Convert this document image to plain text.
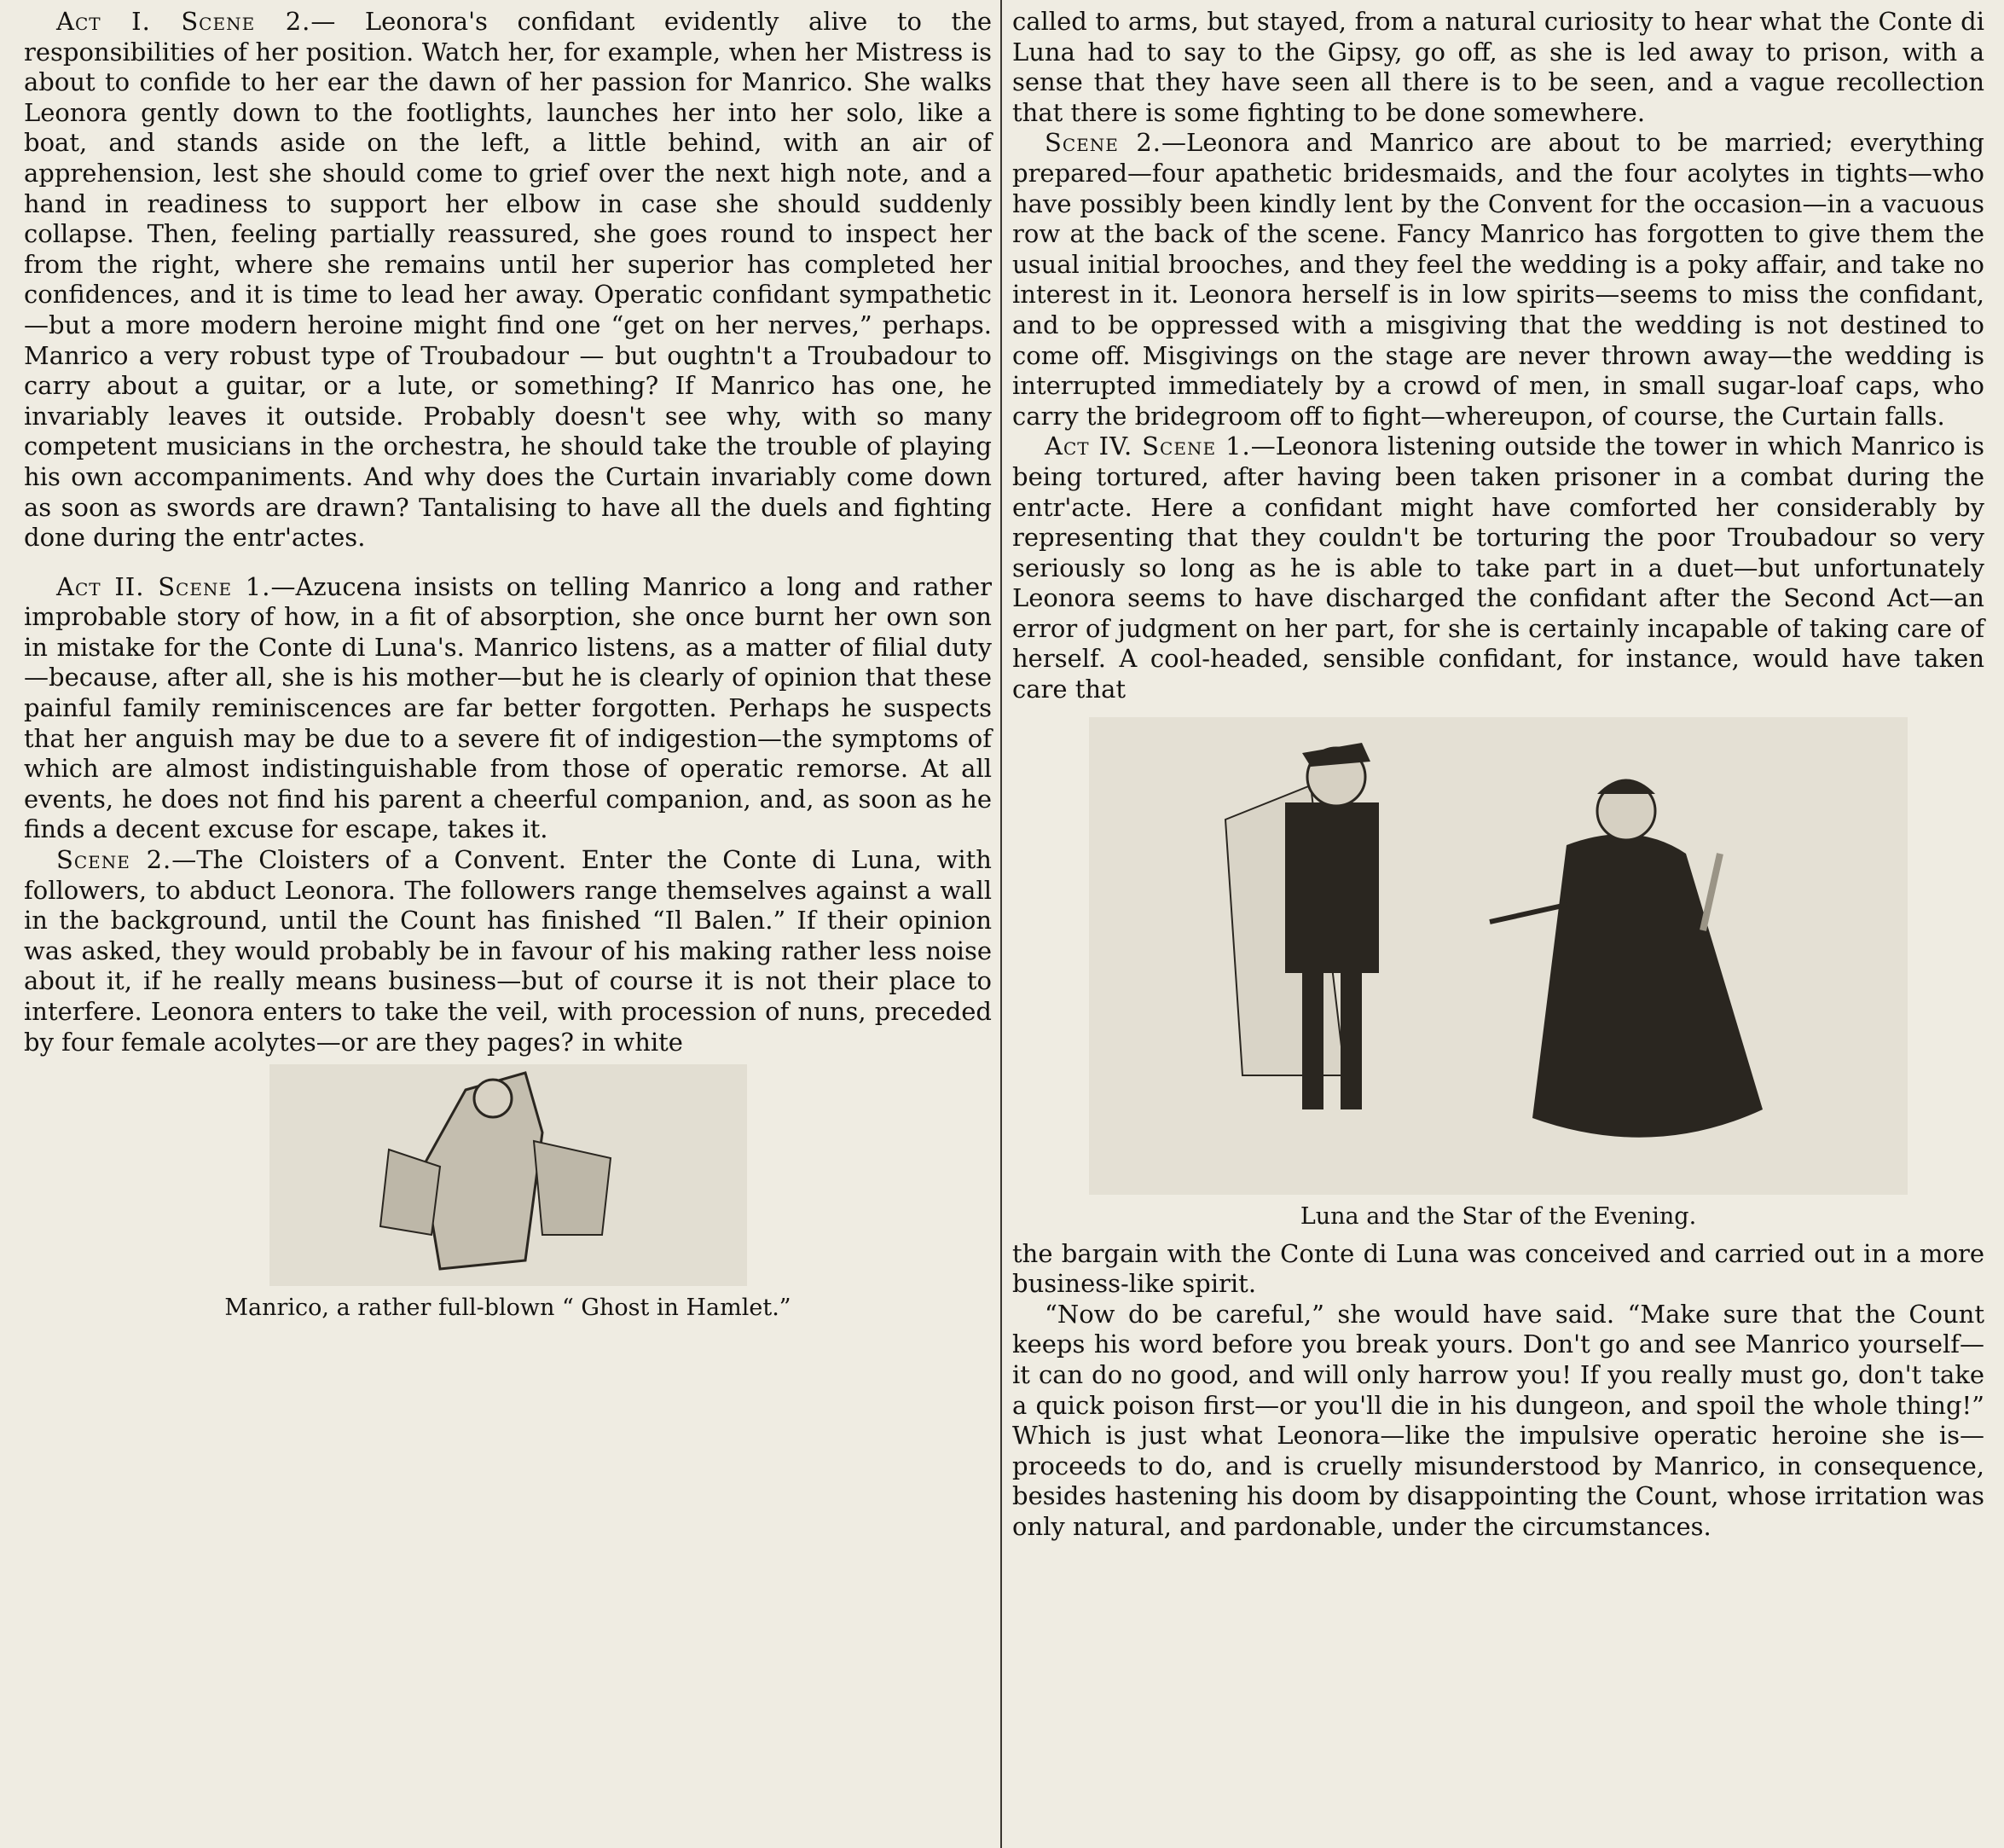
Act I. Scene 2.— Leonora's confidant evidently alive to the responsibilities of her position. Watch her, for example, when her Mistress is about to confide to her ear the dawn of her passion for Manrico. She walks Leonora gently down to the footlights, launches her into her solo, like a boat, and stands aside on the left, a little behind, with an air of apprehension, lest she should come to grief over the next high note, and a hand in readiness to support her elbow in case she should suddenly collapse. Then, feeling partially reassured, she goes round to inspect her from the right, where she remains until her superior has completed her confidences, and it is time to lead her away. Operatic confidant sympathetic—but a more modern heroine might find one “get on her nerves,” perhaps. Manrico a very robust type of Troubadour — but oughtn't a Troubadour to carry about a guitar, or a lute, or something? If Manrico has one, he invariably leaves it outside. Probably doesn't see why, with so many competent musicians in the orchestra, he should take the trouble of playing his own accompaniments. And why does the Curtain invariably come down as soon as swords are drawn? Tantalising to have all the duels and fighting done during the entr'actes.

Act II. Scene 1.—Azucena insists on telling Manrico a long and rather improbable story of how, in a fit of absorption, she once burnt her own son in mistake for the Conte di Luna's. Manrico listens, as a matter of filial duty—because, after all, she is his mother—but he is clearly of opinion that these painful family reminiscences are far better forgotten. Perhaps he suspects that her anguish may be due to a severe fit of indigestion—the symptoms of which are almost indistinguishable from those of operatic remorse. At all events, he does not find his parent a cheerful companion, and, as soon as he finds a decent excuse for escape, takes it.

Scene 2.—The Cloisters of a Convent. Enter the Conte di Luna, with followers, to abduct Leonora. The followers range themselves against a wall in the background, until the Count has finished “Il Balen.” If their opinion was asked, they would probably be in favour of his making rather less noise about it, if he really means business—but of course it is not their place to interfere. Leonora enters to take the veil, with procession of nuns, preceded by four female acolytes—or are they pages? in white

Manrico, a rather full-blown “ Ghost in Hamlet.”

called to arms, but stayed, from a natural curiosity to hear what the Conte di Luna had to say to the Gipsy, go off, as she is led away to prison, with a sense that they have seen all there is to be seen, and a vague recollection that there is some fighting to be done somewhere.

Scene 2.—Leonora and Manrico are about to be married; everything prepared—four apathetic bridesmaids, and the four acolytes in tights—who have possibly been kindly lent by the Convent for the occasion—in a vacuous row at the back of the scene. Fancy Manrico has forgotten to give them the usual initial brooches, and they feel the wedding is a poky affair, and take no interest in it. Leonora herself is in low spirits—seems to miss the confidant, and to be oppressed with a misgiving that the wedding is not destined to come off. Misgivings on the stage are never thrown away—the wedding is interrupted immediately by a crowd of men, in small sugar-loaf caps, who carry the bridegroom off to fight—whereupon, of course, the Curtain falls.

Act IV. Scene 1.—Leonora listening outside the tower in which Manrico is being tortured, after having been taken prisoner in a combat during the entr'acte. Here a confidant might have comforted her considerably by representing that they couldn't be torturing the poor Troubadour so very seriously so long as he is able to take part in a duet—but unfortunately Leonora seems to have discharged the confidant after the Second Act—an error of judgment on her part, for she is certainly incapable of taking care of herself. A cool-headed, sensible confidant, for instance, would have taken care that

Luna and the Star of the Evening.

the bargain with the Conte di Luna was conceived and carried out in a more business-like spirit.

“Now do be careful,” she would have said. “Make sure that the Count keeps his word before you break yours. Don't go and see Manrico yourself—it can do no good, and will only harrow you! If you really must go, don't take a quick poison first—or you'll die in his dungeon, and spoil the whole thing!” Which is just what Leonora—like the impulsive operatic heroine she is—proceeds to do, and is cruelly misunderstood by Manrico, in consequence, besides hastening his doom by disappointing the Count, whose irritation was only natural, and pardonable, under the circumstances.
